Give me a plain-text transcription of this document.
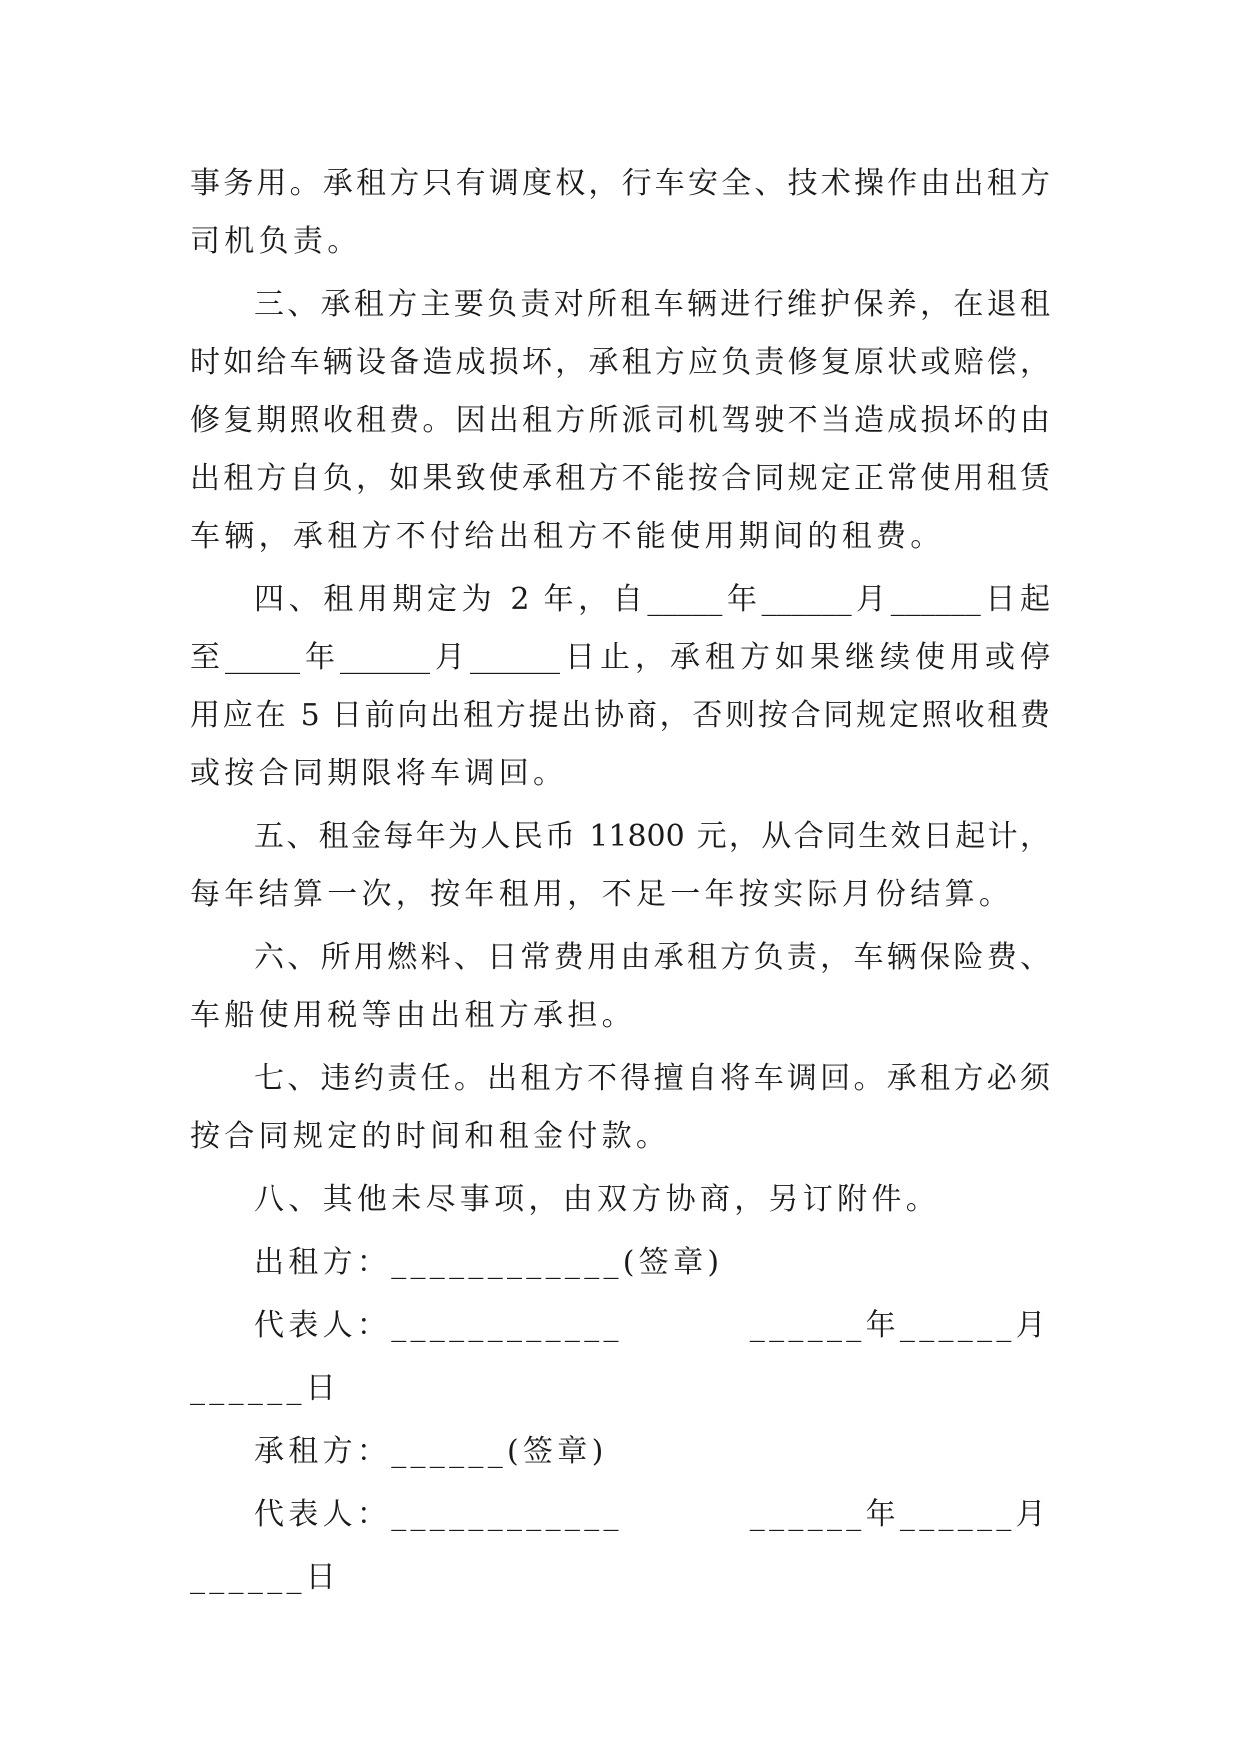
事务用。承租方只有调度权，行车安全、技术操作由出租方
司机负责。
三、承租方主要负责对所租车辆进行维护保养，在退租
时如给车辆设备造成损坏，承租方应负责修复原状或赔偿，
修复期照收租费。因出租方所派司机驾驶不当造成损坏的由
出租方自负，如果致使承租方不能按合同规定正常使用租赁
车辆，承租方不付给出租方不能使用期间的租费。
四、租用期定为 2 年，自_____年______月______日起
至_____年______月______日止，承租方如果继续使用或停
用应在 5 日前向出租方提出协商，否则按合同规定照收租费
或按合同期限将车调回。
五、租金每年为人民币 11800 元，从合同生效日起计，
每年结算一次，按年租用，不足一年按实际月份结算。
六、所用燃料、日常费用由承租方负责，车辆保险费、
车船使用税等由出租方承担。
七、违约责任。出租方不得擅自将车调回。承租方必须
按合同规定的时间和租金付款。
八、其他未尽事项，由双方协商，另订附件。
出租方：____________(签章)
代表人：____________	______年______月
______日
承租方：______(签章)
代表人：____________	______年______月
______日
